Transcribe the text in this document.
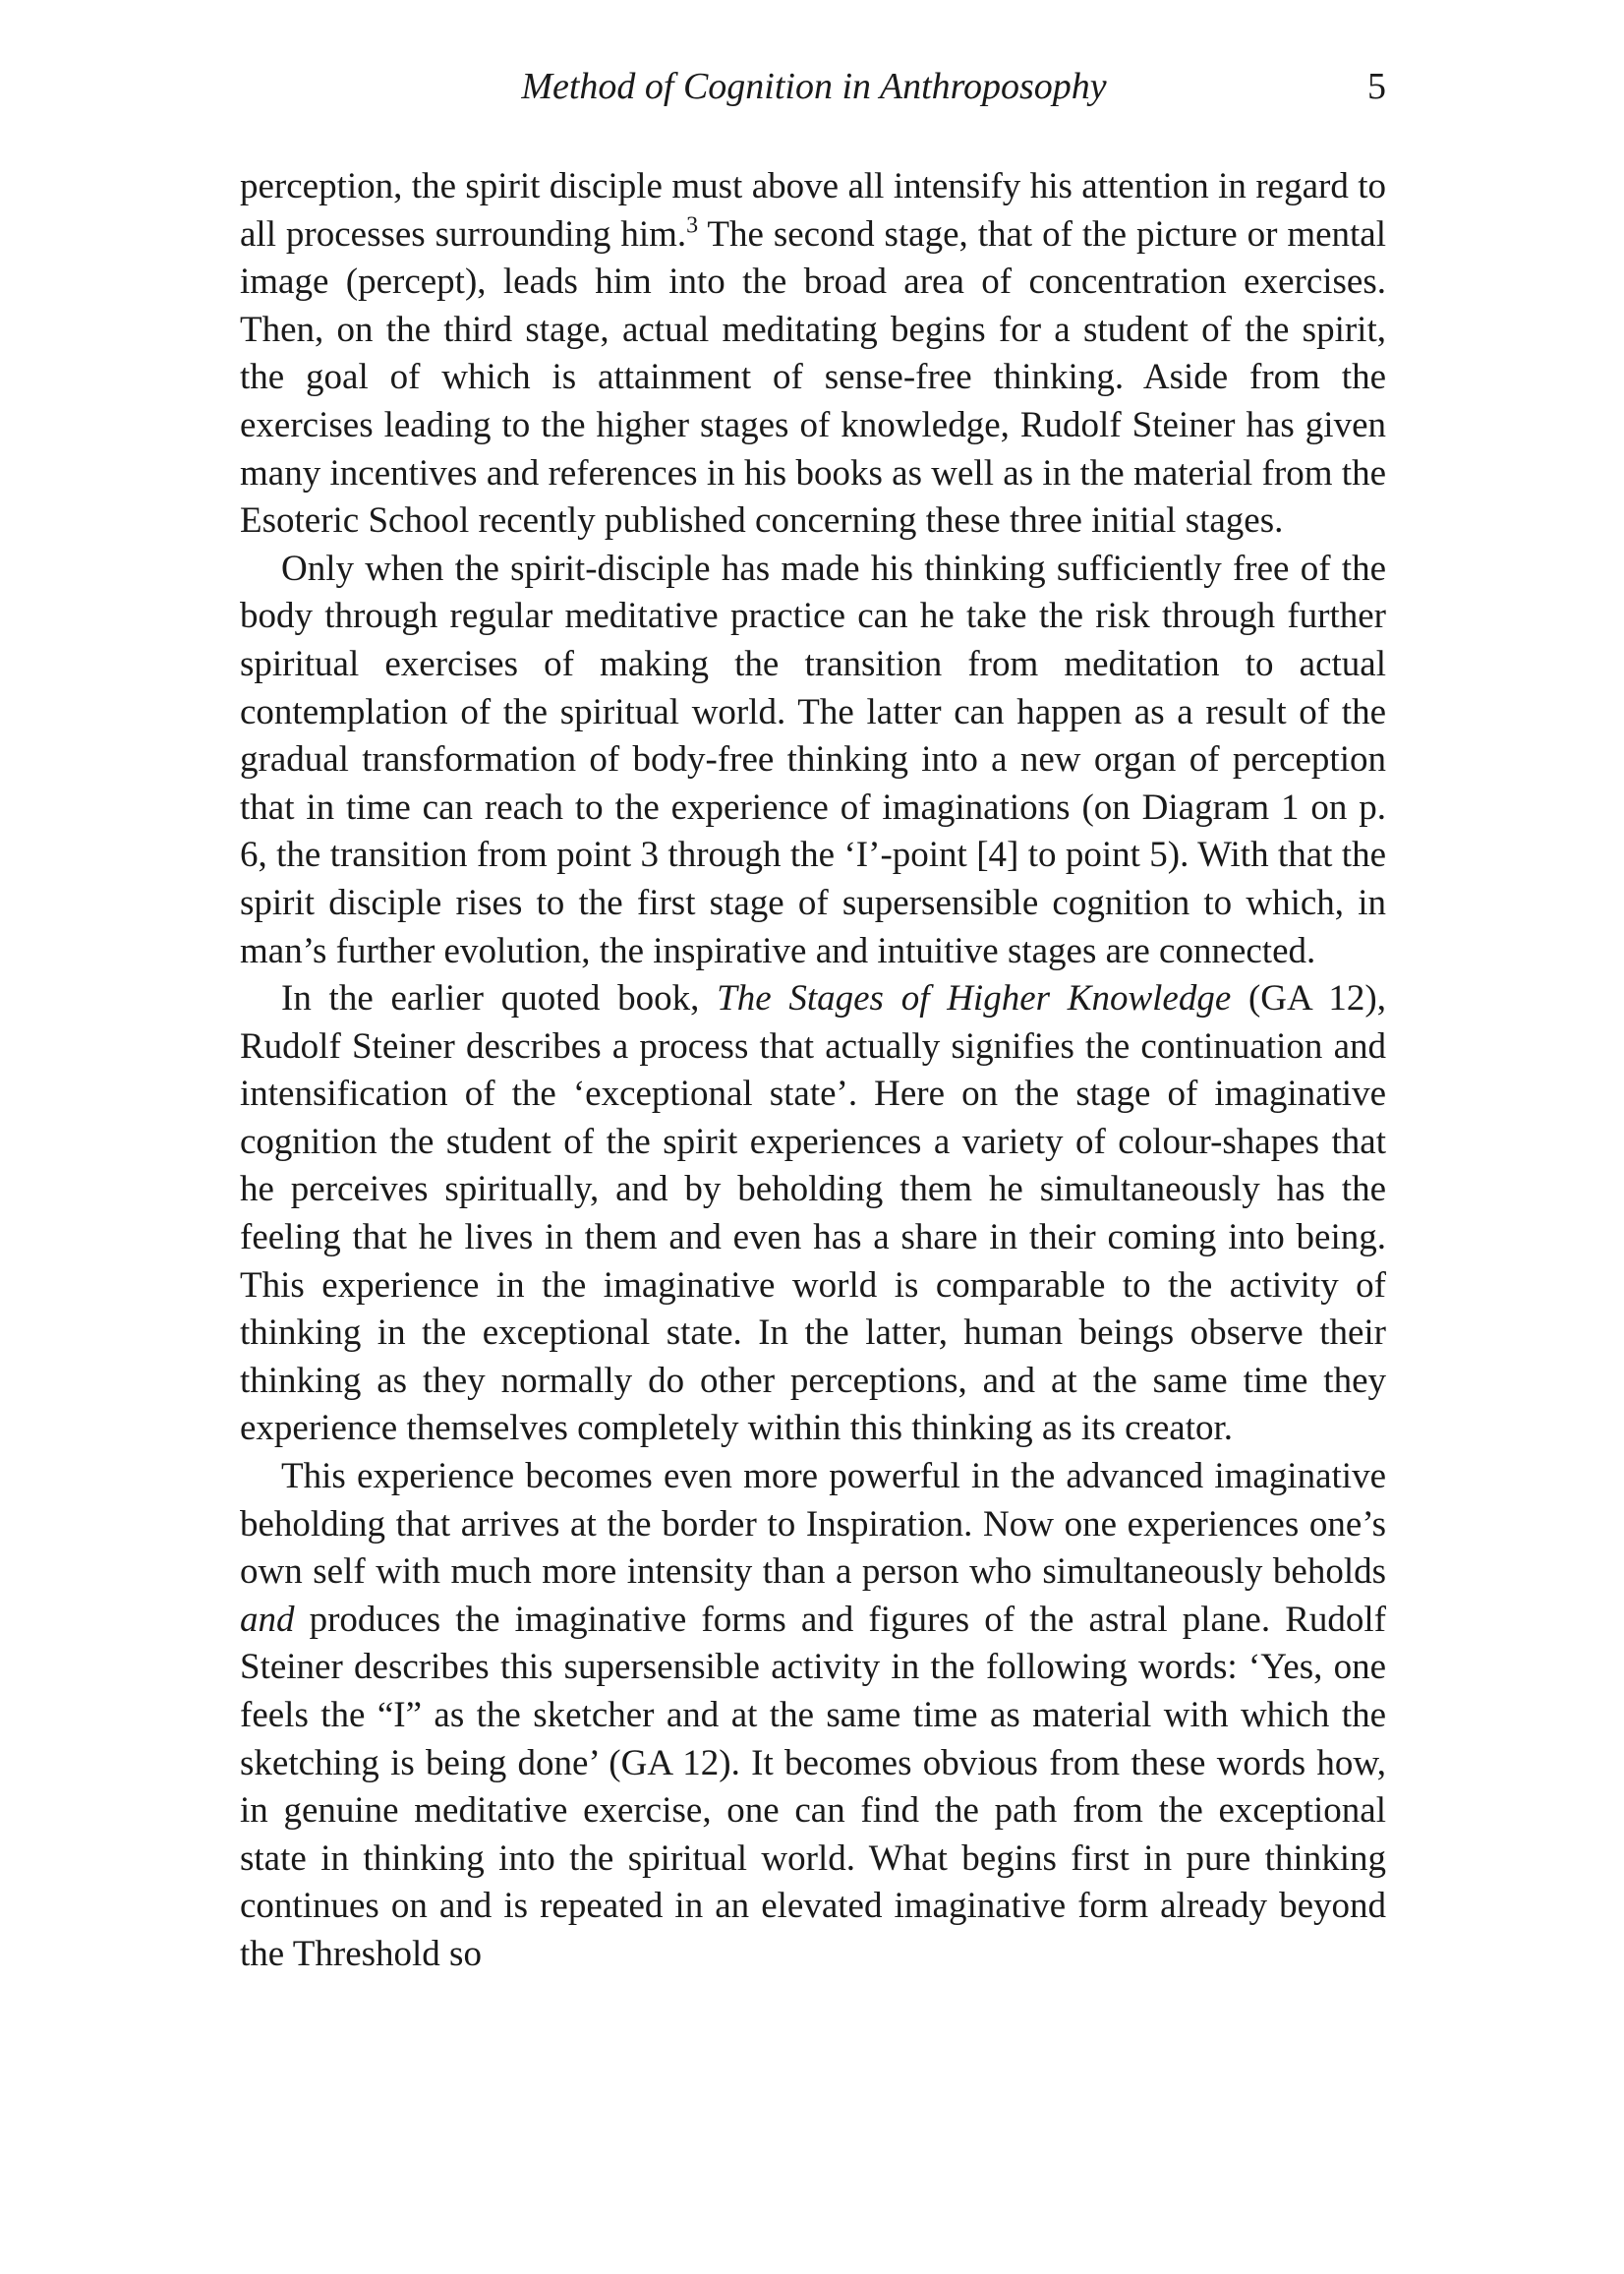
Method of Cognition in Anthroposophy	5

perception, the spirit disciple must above all intensify his attention in regard to all processes surrounding him.$^3$ The second stage, that of the picture or mental image (percept), leads him into the broad area of concentration exercises. Then, on the third stage, actual meditating begins for a student of the spirit, the goal of which is attainment of sense-free thinking. Aside from the exercises leading to the higher stages of knowledge, Rudolf Steiner has given many incentives and references in his books as well as in the material from the Esoteric School recently published concerning these three initial stages.

Only when the spirit-disciple has made his thinking sufficiently free of the body through regular meditative practice can he take the risk through further spiritual exercises of making the transition from meditation to actual contemplation of the spiritual world. The latter can happen as a result of the gradual transformation of body-free thinking into a new organ of perception that in time can reach to the experience of imaginations (on Diagram 1 on p. 6, the transition from point 3 through the ‘I’-point [4] to point 5). With that the spirit disciple rises to the first stage of supersensible cognition to which, in man’s further evolution, the inspirative and intuitive stages are connected.

In the earlier quoted book, The Stages of Higher Knowledge (GA 12), Rudolf Steiner describes a process that actually signifies the continuation and intensification of the ‘exceptional state’. Here on the stage of imaginative cognition the student of the spirit experiences a variety of colour-shapes that he perceives spiritually, and by beholding them he simultaneously has the feeling that he lives in them and even has a share in their coming into being. This experience in the imaginative world is comparable to the activity of thinking in the exceptional state. In the latter, human beings observe their thinking as they normally do other perceptions, and at the same time they experience themselves completely within this thinking as its creator.

This experience becomes even more powerful in the advanced imaginative beholding that arrives at the border to Inspiration. Now one experiences one’s own self with much more intensity than a person who simultaneously beholds and produces the imaginative forms and figures of the astral plane. Rudolf Steiner describes this supersensible activity in the following words: ‘Yes, one feels the “I” as the sketcher and at the same time as material with which the sketching is being done’ (GA 12). It becomes obvious from these words how, in genuine meditative exercise, one can find the path from the exceptional state in thinking into the spiritual world. What begins first in pure thinking continues on and is repeated in an elevated imaginative form already beyond the Threshold so
